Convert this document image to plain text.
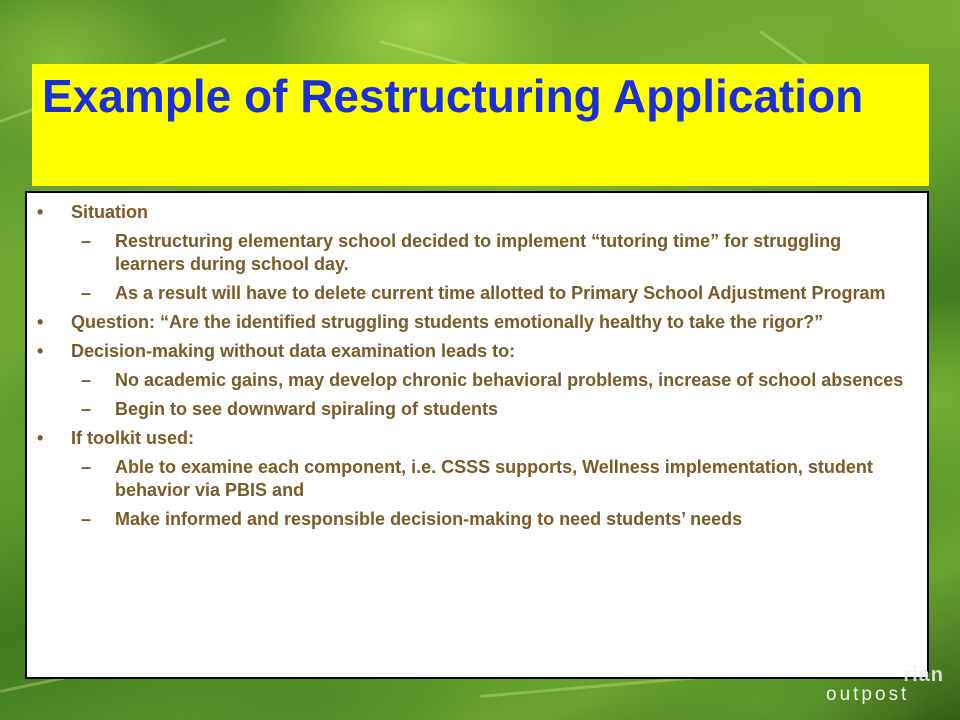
Example of Restructuring Application
• Situation
– Restructuring elementary school decided to implement “tutoring time” for struggling learners during school day.
– As a result will have to delete current time allotted to Primary School Adjustment Program
• Question: “Are the identified struggling students emotionally healthy to take the rigor?”
• Decision-making without data examination leads to:
– No academic gains, may develop chronic behavioral problems, increase of school absences
– Begin to see downward spiraling of students
• If toolkit used:
– Able to examine each component, i.e. CSSS supports, Wellness implementation, student behavior via PBIS and
– Make informed and responsible decision-making to need students’ needs
rian
outpost
